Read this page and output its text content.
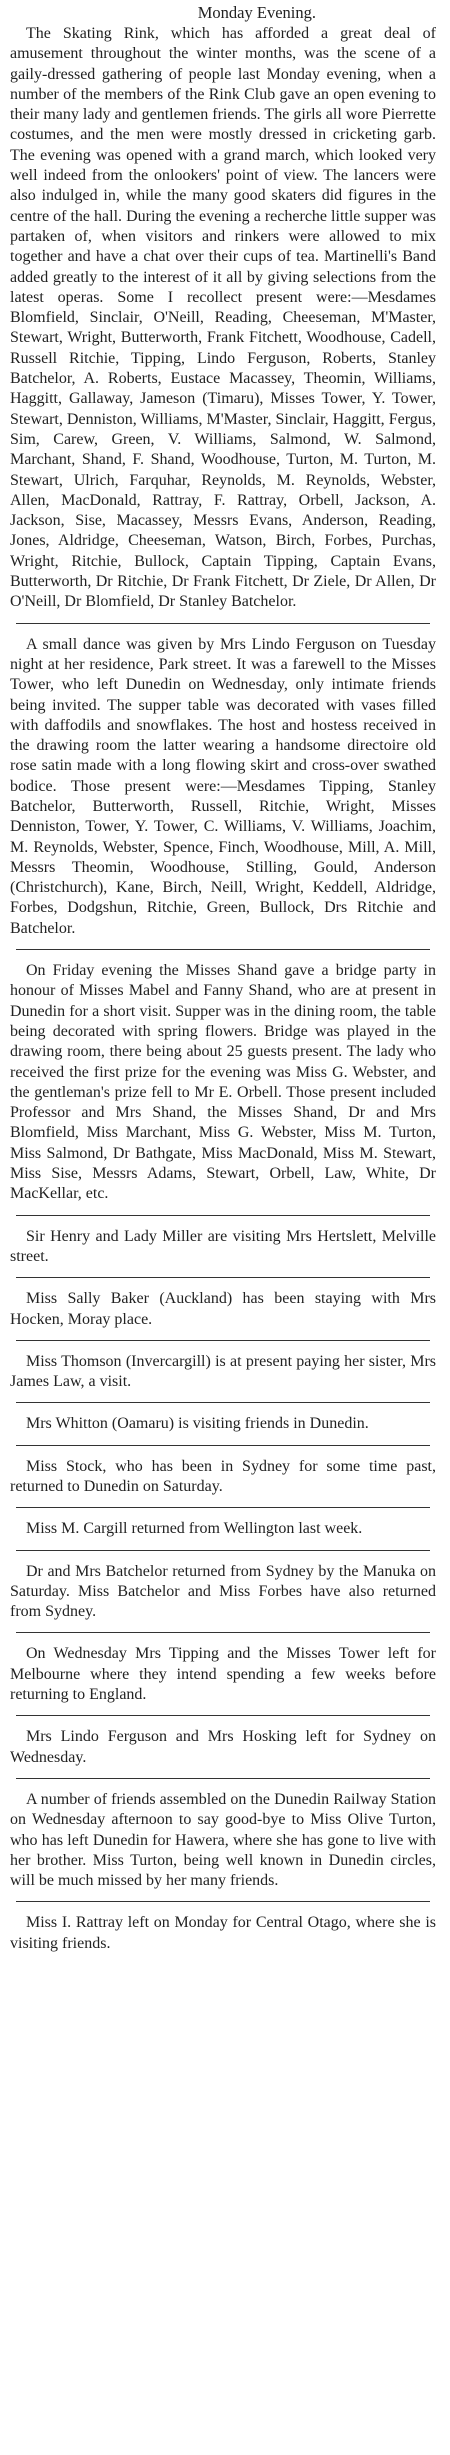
Monday Evening.

The Skating Rink, which has afforded a great deal of amusement throughout the winter months, was the scene of a gaily-dressed gathering of people last Monday evening, when a number of the members of the Rink Club gave an open evening to their many lady and gentlemen friends. The girls all wore Pierrette costumes, and the men were mostly dressed in cricketing garb. The evening was opened with a grand march, which looked very well indeed from the onlookers' point of view. The lancers were also indulged in, while the many good skaters did figures in the centre of the hall. During the evening a recherche little supper was partaken of, when visitors and rinkers were allowed to mix together and have a chat over their cups of tea. Martinelli's Band added greatly to the interest of it all by giving selections from the latest operas. Some I recollect present were:—Mesdames Blomfield, Sinclair, O'Neill, Reading, Cheeseman, M'Master, Stewart, Wright, Butterworth, Frank Fitchett, Woodhouse, Cadell, Russell Ritchie, Tipping, Lindo Ferguson, Roberts, Stanley Batchelor, A. Roberts, Eustace Macassey, Theomin, Williams, Haggitt, Gallaway, Jameson (Timaru), Misses Tower, Y. Tower, Stewart, Denniston, Williams, M'Master, Sinclair, Haggitt, Fergus, Sim, Carew, Green, V. Williams, Salmond, W. Salmond, Marchant, Shand, F. Shand, Woodhouse, Turton, M. Turton, M. Stewart, Ulrich, Farquhar, Reynolds, M. Reynolds, Webster, Allen, MacDonald, Rattray, F. Rattray, Orbell, Jackson, A. Jackson, Sise, Macassey, Messrs Evans, Anderson, Reading, Jones, Aldridge, Cheeseman, Watson, Birch, Forbes, Purchas, Wright, Ritchie, Bullock, Captain Tipping, Captain Evans, Butterworth, Dr Ritchie, Dr Frank Fitchett, Dr Ziele, Dr Allen, Dr O'Neill, Dr Blomfield, Dr Stanley Batchelor.

A small dance was given by Mrs Lindo Ferguson on Tuesday night at her residence, Park street. It was a farewell to the Misses Tower, who left Dunedin on Wednesday, only intimate friends being invited. The supper table was decorated with vases filled with daffodils and snowflakes. The host and hostess received in the drawing room the latter wearing a handsome directoire old rose satin made with a long flowing skirt and cross-over swathed bodice. Those present were:—Mesdames Tipping, Stanley Batchelor, Butterworth, Russell, Ritchie, Wright, Misses Denniston, Tower, Y. Tower, C. Williams, V. Williams, Joachim, M. Reynolds, Webster, Spence, Finch, Woodhouse, Mill, A. Mill, Messrs Theomin, Woodhouse, Stilling, Gould, Anderson (Christchurch), Kane, Birch, Neill, Wright, Keddell, Aldridge, Forbes, Dodgshun, Ritchie, Green, Bullock, Drs Ritchie and Batchelor.

On Friday evening the Misses Shand gave a bridge party in honour of Misses Mabel and Fanny Shand, who are at present in Dunedin for a short visit. Supper was in the dining room, the table being decorated with spring flowers. Bridge was played in the drawing room, there being about 25 guests present. The lady who received the first prize for the evening was Miss G. Webster, and the gentleman's prize fell to Mr E. Orbell. Those present included Professor and Mrs Shand, the Misses Shand, Dr and Mrs Blomfield, Miss Marchant, Miss G. Webster, Miss M. Turton, Miss Salmond, Dr Bathgate, Miss MacDonald, Miss M. Stewart, Miss Sise, Messrs Adams, Stewart, Orbell, Law, White, Dr MacKellar, etc.

Sir Henry and Lady Miller are visiting Mrs Hertslett, Melville street.

Miss Sally Baker (Auckland) has been staying with Mrs Hocken, Moray place.

Miss Thomson (Invercargill) is at present paying her sister, Mrs James Law, a visit.

Mrs Whitton (Oamaru) is visiting friends in Dunedin.

Miss Stock, who has been in Sydney for some time past, returned to Dunedin on Saturday.

Miss M. Cargill returned from Wellington last week.

Dr and Mrs Batchelor returned from Sydney by the Manuka on Saturday. Miss Batchelor and Miss Forbes have also returned from Sydney.

On Wednesday Mrs Tipping and the Misses Tower left for Melbourne where they intend spending a few weeks before returning to England.

Mrs Lindo Ferguson and Mrs Hosking left for Sydney on Wednesday.

A number of friends assembled on the Dunedin Railway Station on Wednesday afternoon to say good-bye to Miss Olive Turton, who has left Dunedin for Hawera, where she has gone to live with her brother. Miss Turton, being well known in Dunedin circles, will be much missed by her many friends.

Miss I. Rattray left on Monday for Central Otago, where she is visiting friends.
